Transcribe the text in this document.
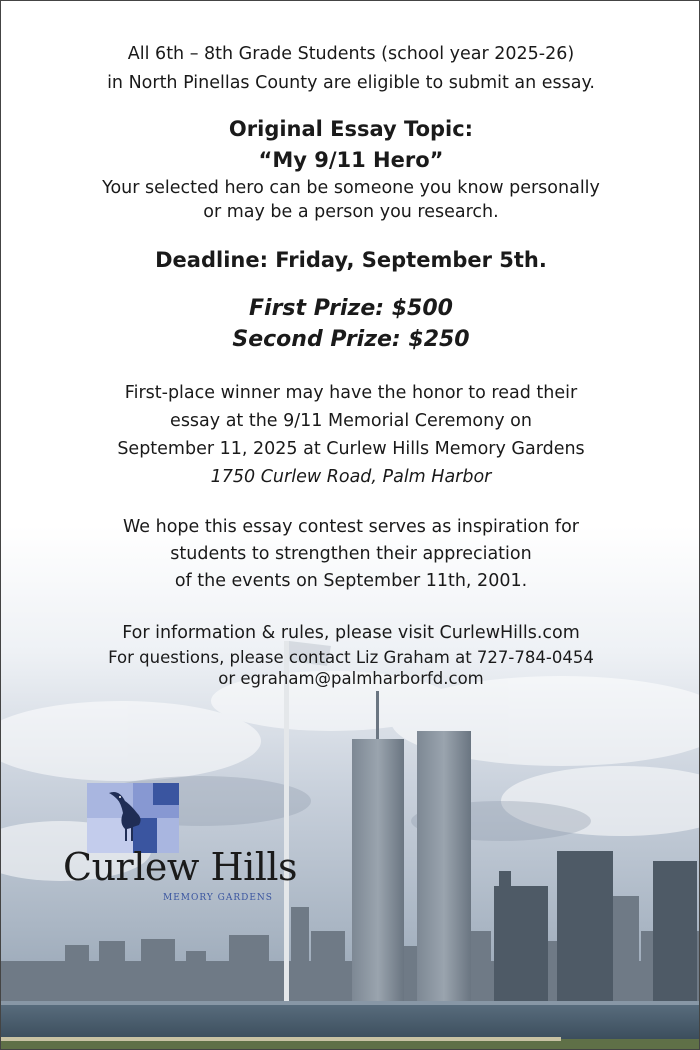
All 6th – 8th Grade Students (school year 2025-26)
in North Pinellas County are eligible to submit an essay.
Original Essay Topic:
“My 9/11 Hero”
Your selected hero can be someone you know personally
or may be a person you research.
Deadline: Friday, September 5th.
First Prize: $500
Second Prize: $250
First-place winner may have the honor to read their
essay at the 9/11 Memorial Ceremony on
September 11, 2025 at Curlew Hills Memory Gardens
1750 Curlew Road, Palm Harbor
We hope this essay contest serves as inspiration for
students to strengthen their appreciation
of the events on September 11th, 2001.
For information & rules, please visit CurlewHills.com
For questions, please contact Liz Graham at 727-784-0454
or egraham@palmharborfd.com
Curlew Hills
MEMORY GARDENS
